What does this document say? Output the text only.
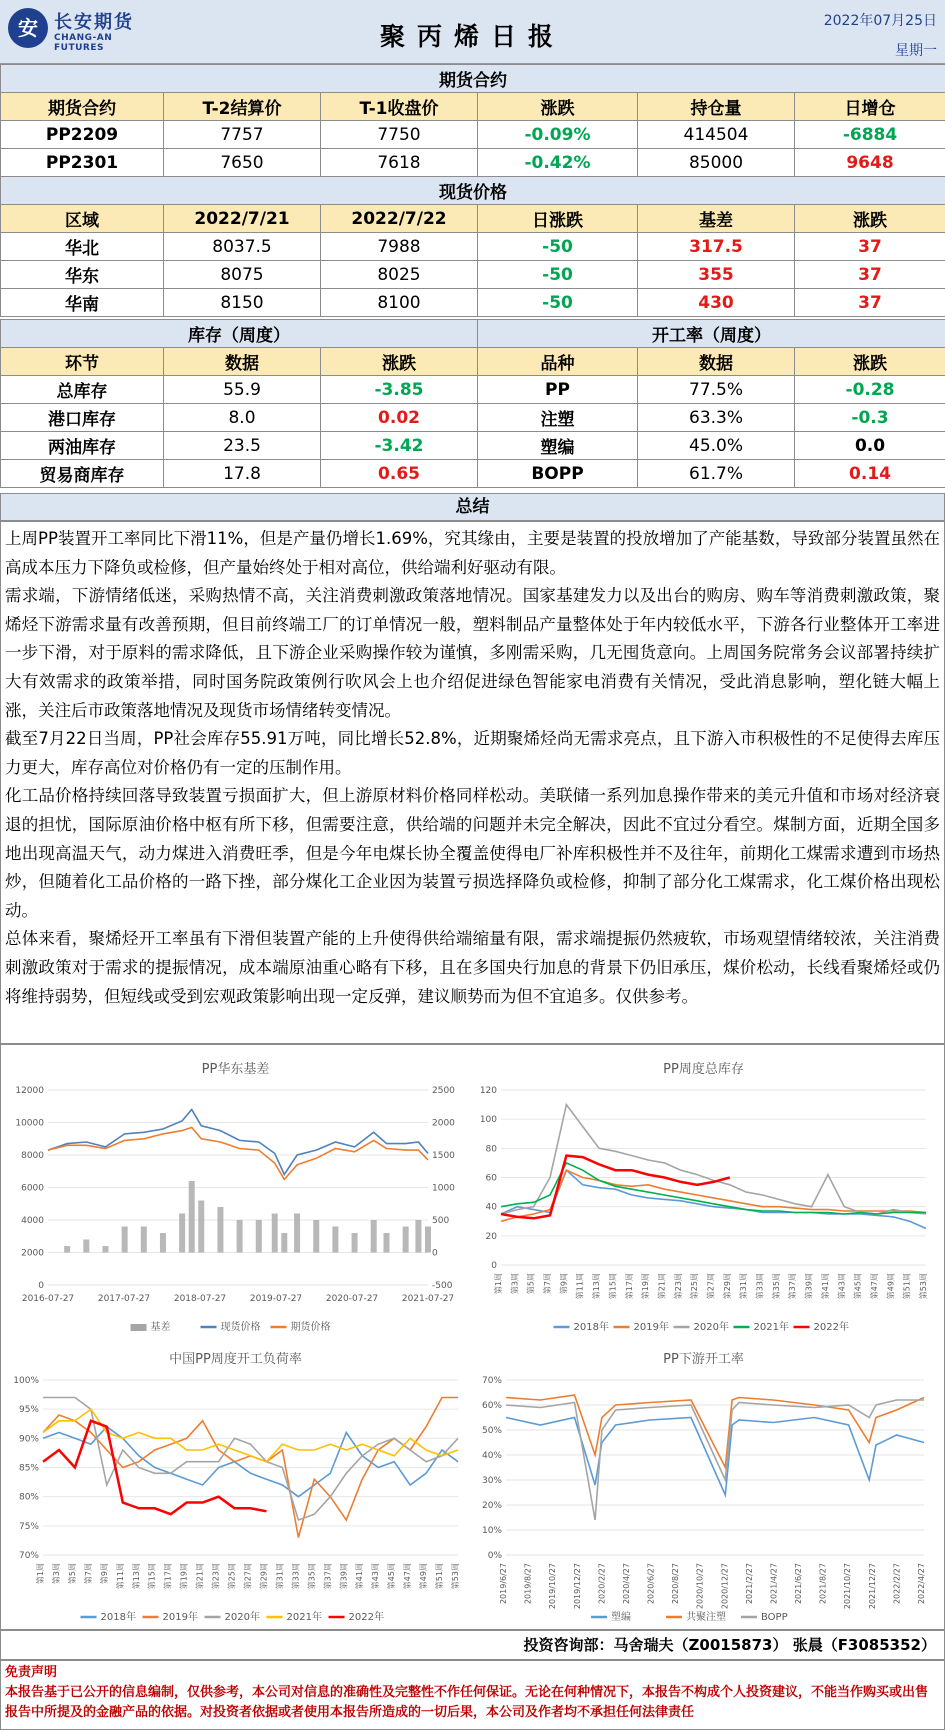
安 长安期货
CHANG-AN FUTURES	聚丙烯日报
2022年07月25日
星期一
期货合约					
期货合约	T-2结算价	T-1收盘价	涨跌	持仓量	日增仓
PP2209	7757	7750	-0.09%	414504	-6884
PP2301	7650	7618	-0.42%	85000	9648
现货价格					
区域	2022/7/21	2022/7/22	日涨跌	基差	涨跌
华北	8037.5	7988	-50	317.5	37
华东	8075	8025	-50	355	37
华南	8150	8100	-50	430	37
库存（周度）			开工率（周度）		
环节	数据	涨跌	品种	数据	涨跌
总库存	55.9	-3.85	PP	77.5%	-0.28
港口库存	8.0	0.02	注塑	63.3%	-0.3
两油库存	23.5	-3.42	塑编	45.0%	0.0
贸易商库存	17.8	0.65	BOPP	61.7%	0.14
总结

上周PP装置开工率同比下滑11%，但是产量仍增长1.69%，究其缘由，主要是装置的投放增加了产能基数，导致部分装置虽然在高成本压力下降负或检修，但产量始终处于相对高位，供给端利好驱动有限。

需求端，下游情绪低迷，采购热情不高，关注消费刺激政策落地情况。国家基建发力以及出台的购房、购车等消费刺激政策，聚烯烃下游需求量有改善预期，但目前终端工厂的订单情况一般，塑料制品产量整体处于年内较低水平，下游各行业整体开工率进一步下滑，对于原料的需求降低，且下游企业采购操作较为谨慎，多刚需采购，几无囤货意向。上周国务院常务会议部署持续扩大有效需求的政策举措，同时国务院政策例行吹风会上也介绍促进绿色智能家电消费有关情况，受此消息影响，塑化链大幅上涨，关注后市政策落地情况及现货市场情绪转变情况。

截至7月22日当周，PP社会库存55.91万吨，同比增长52.8%，近期聚烯烃尚无需求亮点，且下游入市积极性的不足使得去库压力更大，库存高位对价格仍有一定的压制作用。

化工品价格持续回落导致装置亏损面扩大，但上游原材料价格同样松动。美联储一系列加息操作带来的美元升值和市场对经济衰退的担忧，国际原油价格中枢有所下移，但需要注意，供给端的问题并未完全解决，因此不宜过分看空。煤制方面，近期全国多地出现高温天气，动力煤进入消费旺季，但是今年电煤长协全覆盖使得电厂补库积极性并不及往年，前期化工煤需求遭到市场热炒，但随着化工品价格的一路下挫，部分煤化工企业因为装置亏损选择降负或检修，抑制了部分化工煤需求，化工煤价格出现松动。

总体来看，聚烯烃开工率虽有下滑但装置产能的上升使得供给端缩量有限，需求端提振仍然疲软，市场观望情绪较浓，关注消费刺激政策对于需求的提振情况，成本端原油重心略有下移，且在多国央行加息的背景下仍旧承压，煤价松动，长线看聚烯烃或仍将维持弱势，但短线或受到宏观政策影响出现一定反弹，建议顺势而为但不宜追多。仅供参考。

PP华东基差
12000	2500
10000	2000
8000	1500
6000	1000
4000	500
2000	0
0	-500
2016-07-27	2017-07-27	2018-07-27	2019-07-27	2020-07-27	2021-07-27
基差	现货价格	期货价格
PP周度总库存
120
100
80
60
40
20
0
第1周 第3周 第5周 第7周 第9周 第11周 第13周 第15周 第17周 第19周 第21周 第23周 第25周 第27周 第29周 第31周 第33周 第35周 第37周 第39周 第41周 第43周 第45周 第47周 第49周 第51周 第53周
2018年 2019年 2020年 2021年 2022年
中国PP周度开工负荷率
100%
95%
90%
85%
80%
75%
70%
第1周 第3周 第5周 第7周 第9周 第11周 第13周 第15周 第17周 第19周 第21周 第23周 第25周 第27周 第29周 第31周 第33周 第35周 第37周 第39周 第41周 第43周 第45周 第47周 第49周 第51周 第53周
2018年	2019年	2020年	2021年	2022年
PP下游开工率
70%
60%
50%
40%
30%
20%
10%
0%
2019/6/27 2019/8/27 2019/10/27 2019/12/27 2020/2/27 2020/4/27 2020/6/27 2020/8/27 2020/10/27 2020/12/27 2021/2/27 2021/4/27 2021/6/27 2021/8/27 2021/10/27 2021/12/27 2022/2/27 2022/4/27
塑编	共聚注塑	BOPP
投资咨询部：马舍瑞夫（Z0015873） 张晨（F3085352）
免责声明
本报告基于已公开的信息编制，仅供参考，本公司对信息的准确性及完整性不作任何保证。无论在何种情况下，本报告不构成个人投资建议，不能当作购买或出售报告中所提及的金融产品的依据。对投资者依据或者使用本报告所造成的一切后果，本公司及作者均不承担任何法律责任
